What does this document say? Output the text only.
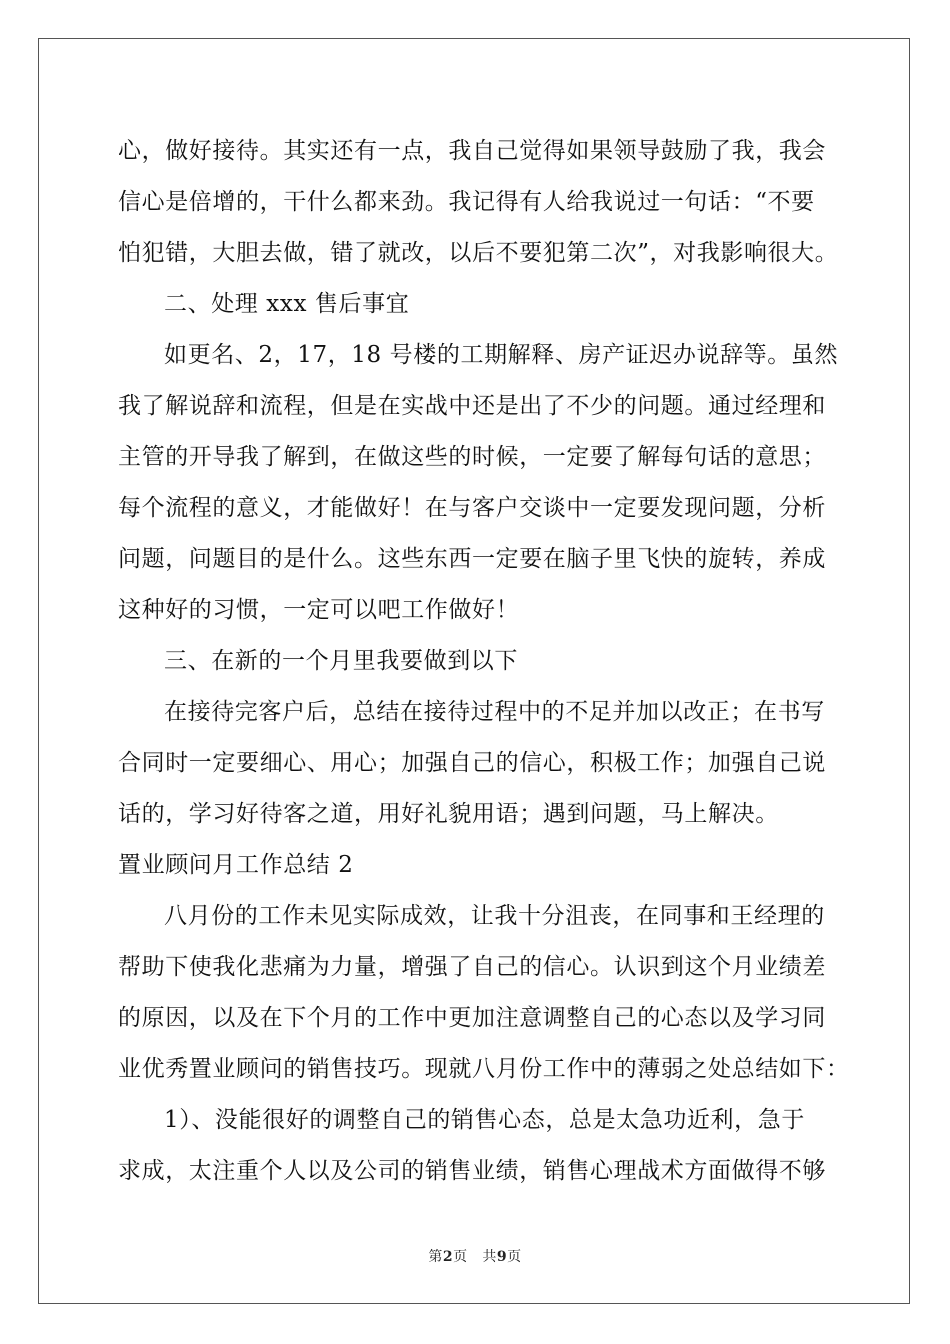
心，做好接待。其实还有一点，我自己觉得如果领导鼓励了我，我会
信心是倍增的，干什么都来劲。我记得有人给我说过一句话：“不要
怕犯错，大胆去做，错了就改，以后不要犯第二次”，对我影响很大。
二、处理 xxx 售后事宜
如更名、2，17，18 号楼的工期解释、房产证迟办说辞等。虽然
我了解说辞和流程，但是在实战中还是出了不少的问题。通过经理和
主管的开导我了解到，在做这些的时候，一定要了解每句话的意思；
每个流程的意义，才能做好！在与客户交谈中一定要发现问题，分析
问题，问题目的是什么。这些东西一定要在脑子里飞快的旋转，养成
这种好的习惯，一定可以吧工作做好！
三、在新的一个月里我要做到以下
在接待完客户后，总结在接待过程中的不足并加以改正；在书写
合同时一定要细心、用心；加强自己的信心，积极工作；加强自己说
话的，学习好待客之道，用好礼貌用语；遇到问题，马上解决。
置业顾问月工作总结 2
八月份的工作未见实际成效，让我十分沮丧，在同事和王经理的
帮助下使我化悲痛为力量，增强了自己的信心。认识到这个月业绩差
的原因，以及在下个月的工作中更加注意调整自己的心态以及学习同
业优秀置业顾问的销售技巧。现就八月份工作中的薄弱之处总结如下：
1）、没能很好的调整自己的销售心态，总是太急功近利，急于
求成，太注重个人以及公司的销售业绩，销售心理战术方面做得不够
第2页 共9页
